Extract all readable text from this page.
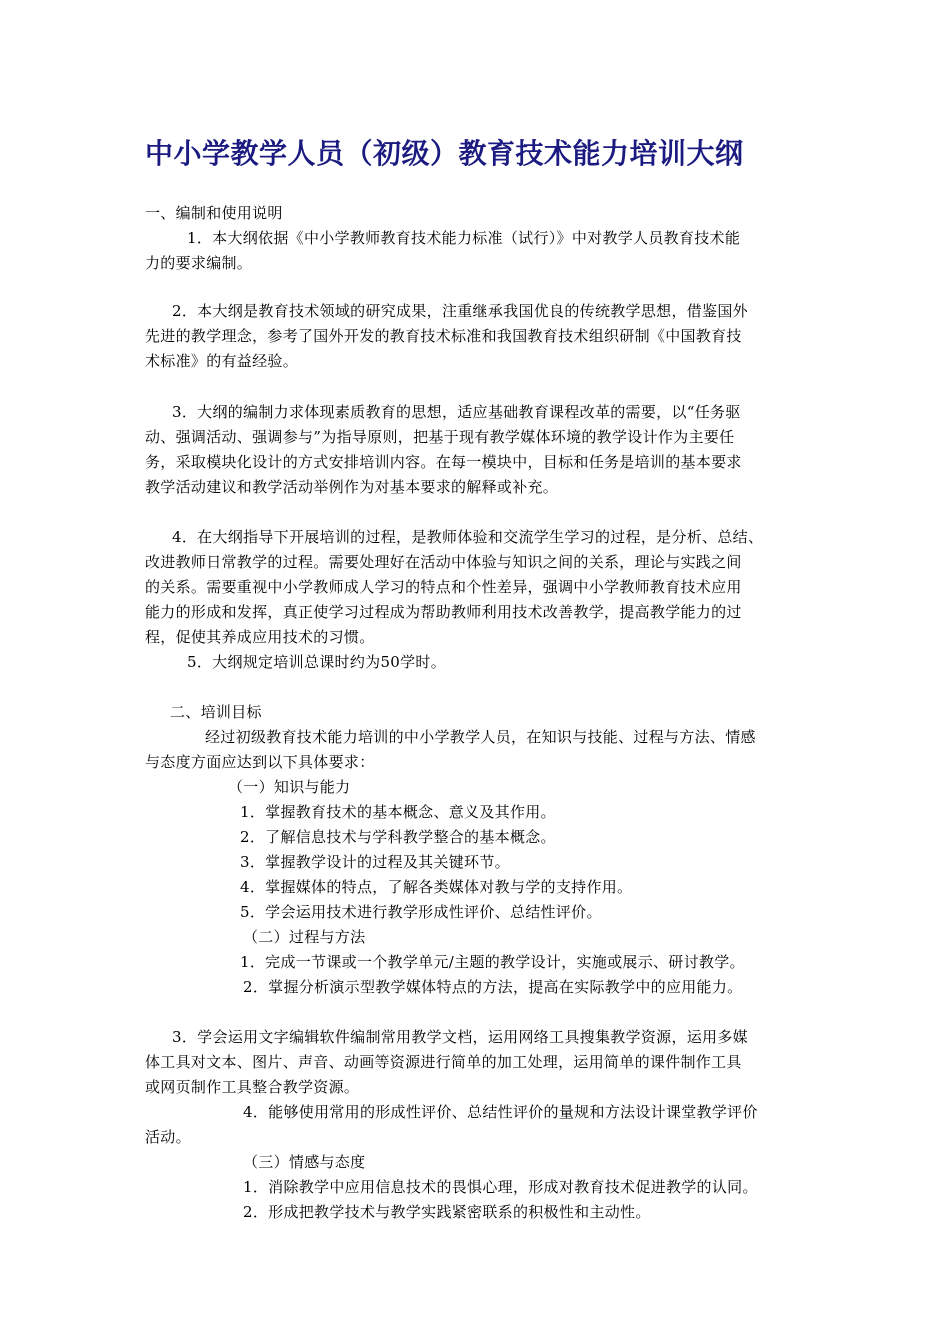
中小学教学人员（初级）教育技术能力培训大纲
一、编制和使用说明
1．本大纲依据《中小学教师教育技术能力标准（试行）》中对教学人员教育技术能
力的要求编制。
2．本大纲是教育技术领域的研究成果，注重继承我国优良的传统教学思想，借鉴国外
先进的教学理念，参考了国外开发的教育技术标准和我国教育技术组织研制《中国教育技
术标准》的有益经验。
3．大纲的编制力求体现素质教育的思想，适应基础教育课程改革的需要，以“任务驱
动、强调活动、强调参与”为指导原则，把基于现有教学媒体环境的教学设计作为主要任
务，采取模块化设计的方式安排培训内容。在每一模块中，目标和任务是培训的基本要求
教学活动建议和教学活动举例作为对基本要求的解释或补充。
4．在大纲指导下开展培训的过程，是教师体验和交流学生学习的过程，是分析、总结、
改进教师日常教学的过程。需要处理好在活动中体验与知识之间的关系，理论与实践之间
的关系。需要重视中小学教师成人学习的特点和个性差异，强调中小学教师教育技术应用
能力的形成和发挥，真正使学习过程成为帮助教师利用技术改善教学，提高教学能力的过
程，促使其养成应用技术的习惯。
5．大纲规定培训总课时约为50学时。
二、培训目标
经过初级教育技术能力培训的中小学教学人员，在知识与技能、过程与方法、情感
与态度方面应达到以下具体要求：
（一）知识与能力
1．掌握教育技术的基本概念、意义及其作用。
2．了解信息技术与学科教学整合的基本概念。
3．掌握教学设计的过程及其关键环节。
4．掌握媒体的特点，了解各类媒体对教与学的支持作用。
5．学会运用技术进行教学形成性评价、总结性评价。
（二）过程与方法
1．完成一节课或一个教学单元/主题的教学设计，实施或展示、研讨教学。
2．掌握分析演示型教学媒体特点的方法，提高在实际教学中的应用能力。
3．学会运用文字编辑软件编制常用教学文档，运用网络工具搜集教学资源，运用多媒
体工具对文本、图片、声音、动画等资源进行简单的加工处理，运用简单的课件制作工具
或网页制作工具整合教学资源。
4．能够使用常用的形成性评价、总结性评价的量规和方法设计课堂教学评价
活动。
（三）情感与态度
1．消除教学中应用信息技术的畏惧心理，形成对教育技术促进教学的认同。
2．形成把教学技术与教学实践紧密联系的积极性和主动性。
